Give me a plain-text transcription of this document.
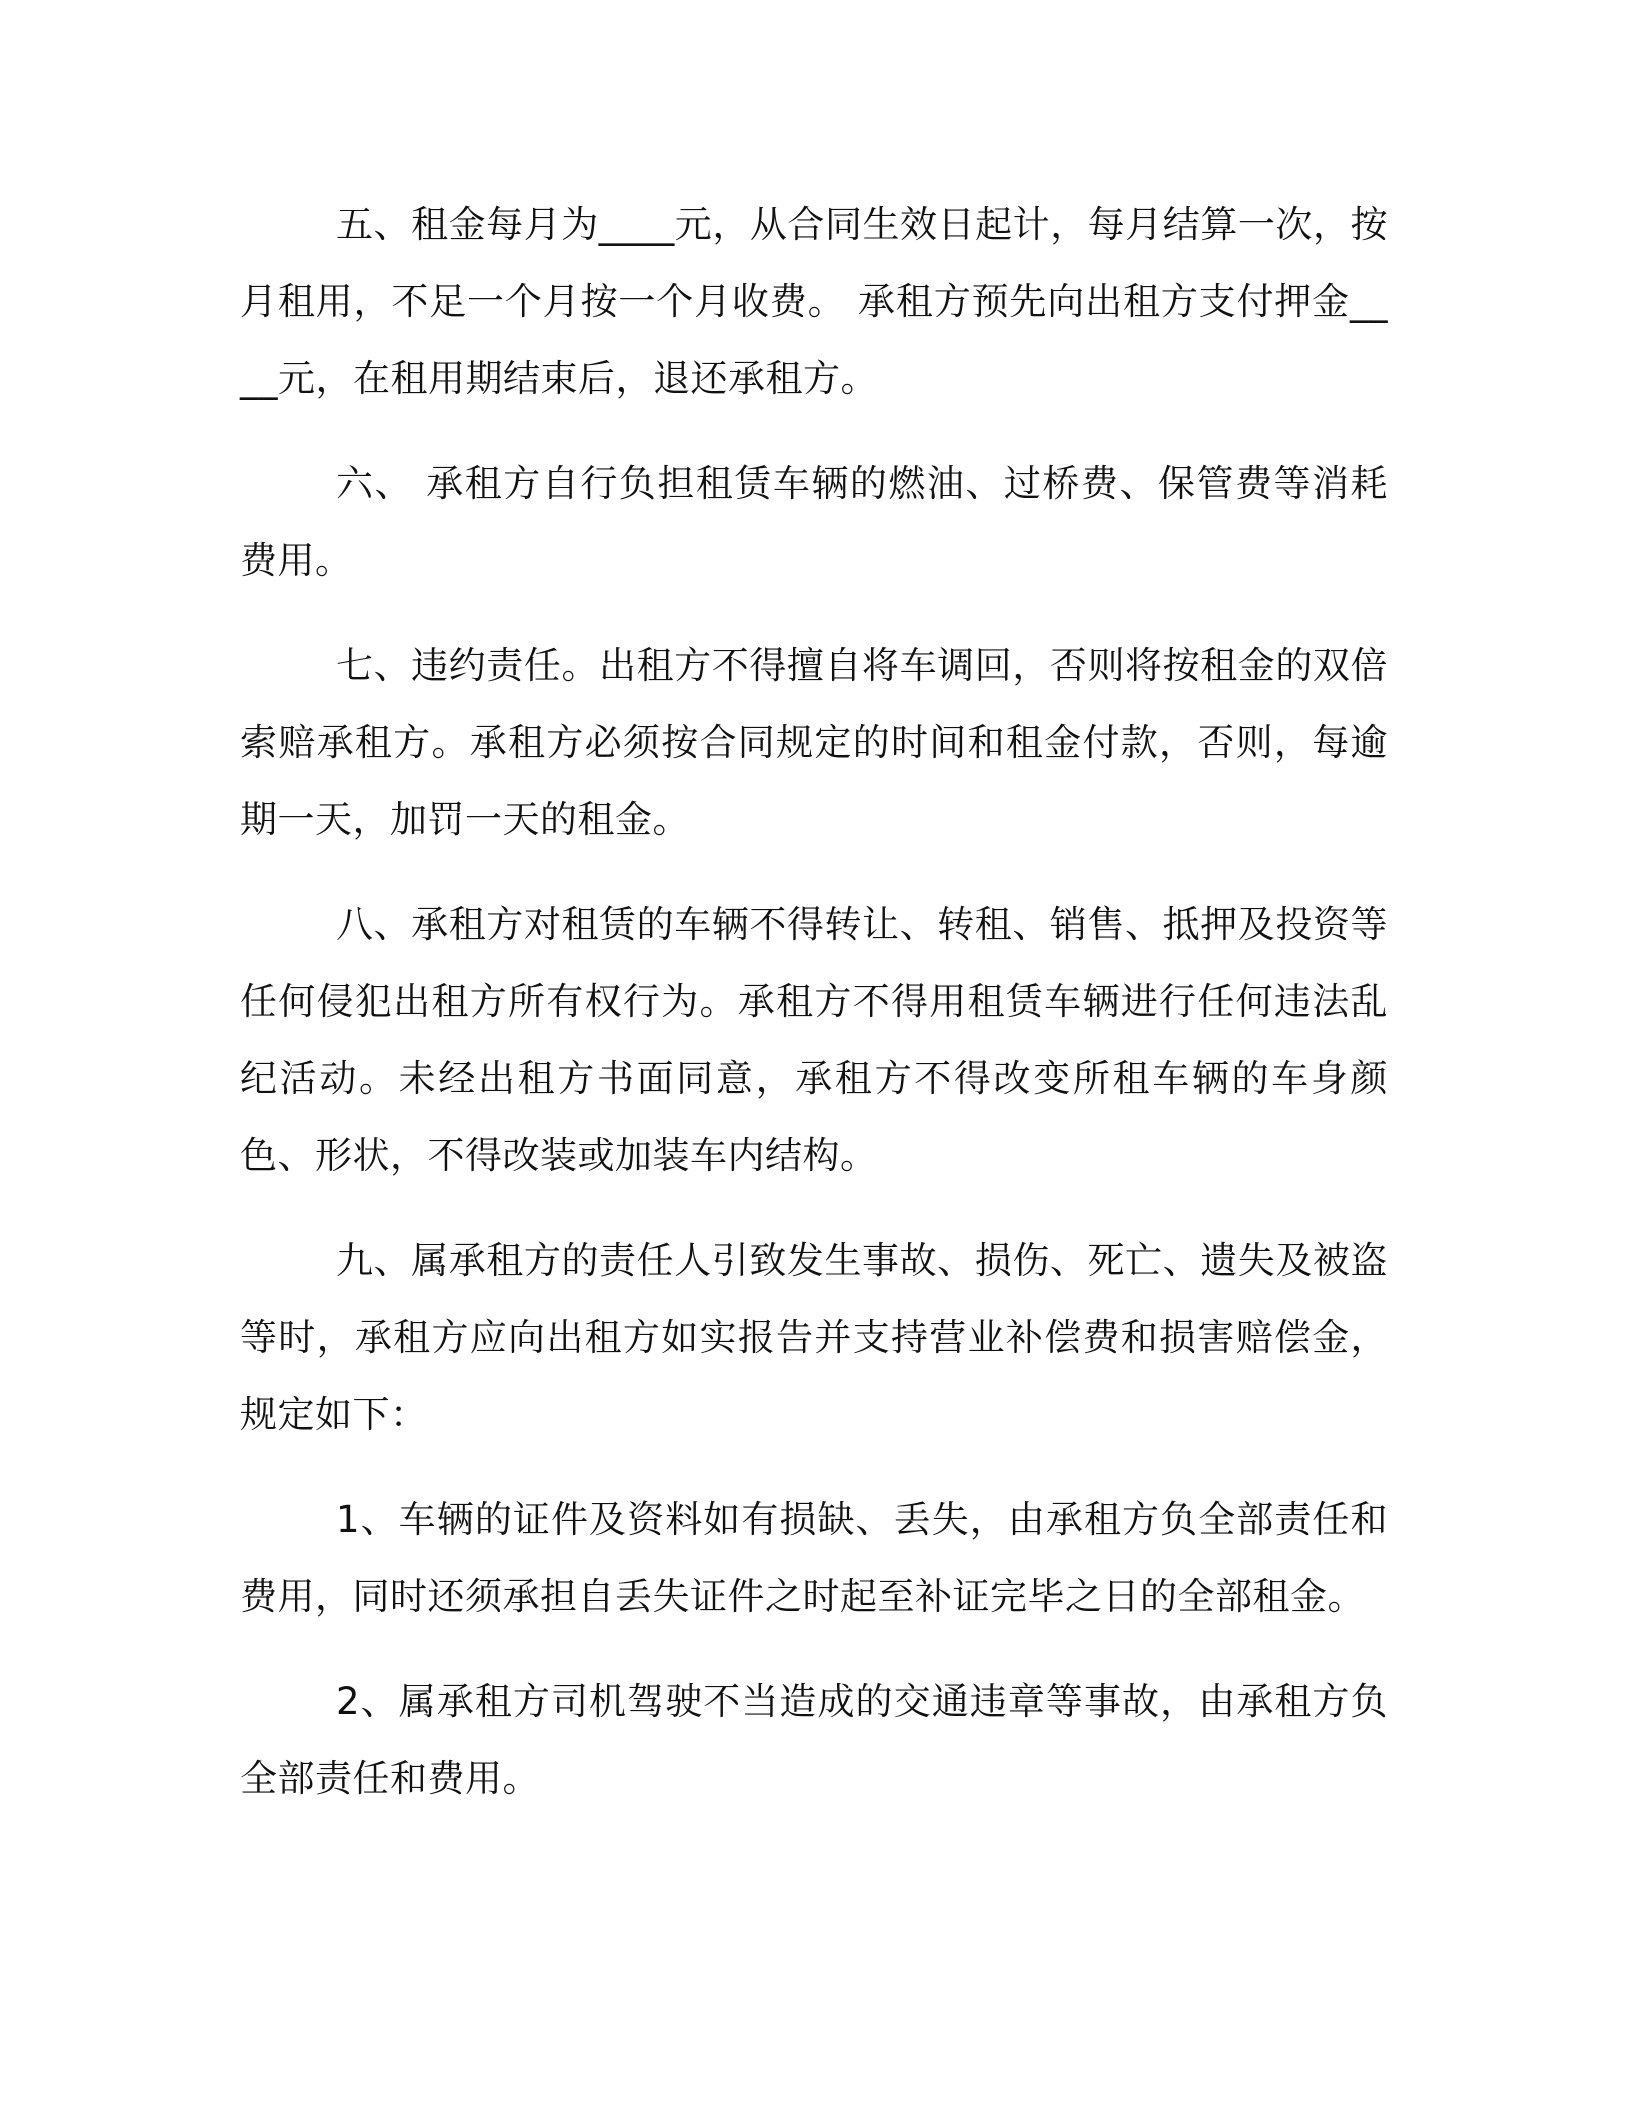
五、租金每月为____元，从合同生效日起计，每月结算一次，按月租用，不足一个月按一个月收费。 承租方预先向出租方支付押金____元，在租用期结束后，退还承租方。

六、 承租方自行负担租赁车辆的燃油、过桥费、保管费等消耗费用。

七、违约责任。出租方不得擅自将车调回，否则将按租金的双倍索赔承租方。承租方必须按合同规定的时间和租金付款，否则，每逾期一天，加罚一天的租金。

八、承租方对租赁的车辆不得转让、转租、销售、抵押及投资等任何侵犯出租方所有权行为。承租方不得用租赁车辆进行任何违法乱纪活动。未经出租方书面同意，承租方不得改变所租车辆的车身颜色、形状，不得改装或加装车内结构。

九、属承租方的责任人引致发生事故、损伤、死亡、遗失及被盗等时，承租方应向出租方如实报告并支持营业补偿费和损害赔偿金，规定如下：

1、车辆的证件及资料如有损缺、丢失，由承租方负全部责任和费用，同时还须承担自丢失证件之时起至补证完毕之日的全部租金。

2、属承租方司机驾驶不当造成的交通违章等事故，由承租方负全部责任和费用。
